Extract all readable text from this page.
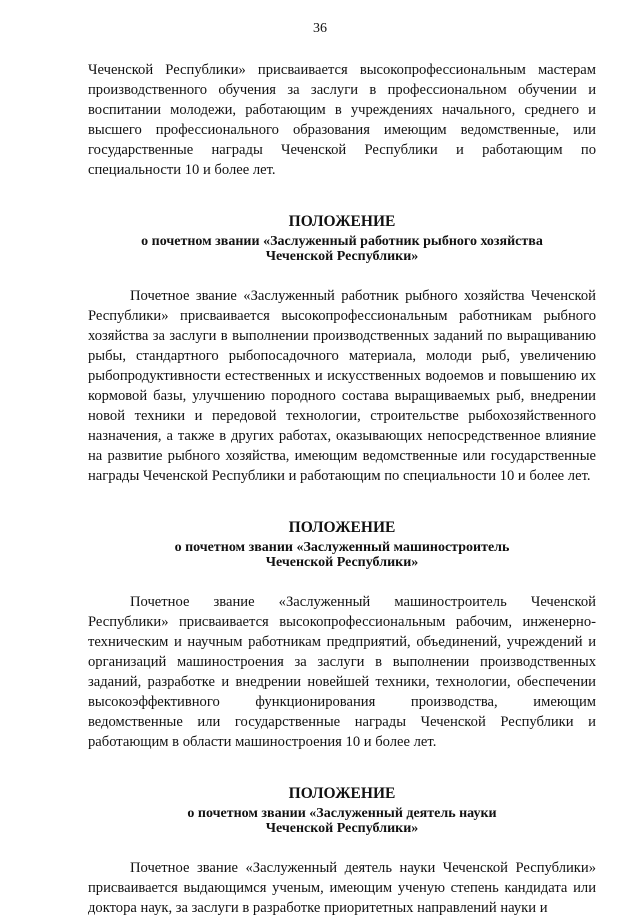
36

Чеченской Республики» присваивается высокопрофессиональным мастерам производственного обучения за заслуги в профессиональном обучении и воспитании молодежи, работающим в учреждениях начального, среднего и высшего профессионального образования имеющим ведомственные, или государственные награды Чеченской Республики и работающим по специальности 10 и более лет.

ПОЛОЖЕНИЕ
о почетном звании «Заслуженный работник рыбного хозяйства
Чеченской Республики»

Почетное звание «Заслуженный работник рыбного хозяйства Чеченской Республики» присваивается высокопрофессиональным работникам рыбного хозяйства за заслуги в выполнении производственных заданий по выращиванию рыбы, стандартного рыбопосадочного материала, молоди рыб, увеличению рыбопродуктивности естественных и искусственных водоемов и повышению их кормовой базы, улучшению породного состава выращиваемых рыб, внедрении новой техники и передовой технологии, строительстве рыбохозяйственного назначения, а также в других работах, оказывающих непосредственное влияние на развитие рыбного хозяйства, имеющим ведомственные или государственные награды Чеченской Республики и работающим по специальности 10 и более лет.

ПОЛОЖЕНИЕ
о почетном звании «Заслуженный машиностроитель
Чеченской Республики»

Почетное звание «Заслуженный машиностроитель Чеченской Республики» присваивается высокопрофессиональным рабочим, инженерно-техническим и научным работникам предприятий, объединений, учреждений и организаций машиностроения за заслуги в выполнении производственных заданий, разработке и внедрении новейшей техники, технологии, обеспечении высокоэффективного функционирования производства, имеющим ведомственные или государственные награды Чеченской Республики и работающим в области машиностроения 10 и более лет.

ПОЛОЖЕНИЕ
о почетном звании «Заслуженный деятель науки
Чеченской Республики»

Почетное звание «Заслуженный деятель науки Чеченской Республики» присваивается выдающимся ученым, имеющим ученую степень кандидата или доктора наук, за заслуги в разработке приоритетных направлений науки и
